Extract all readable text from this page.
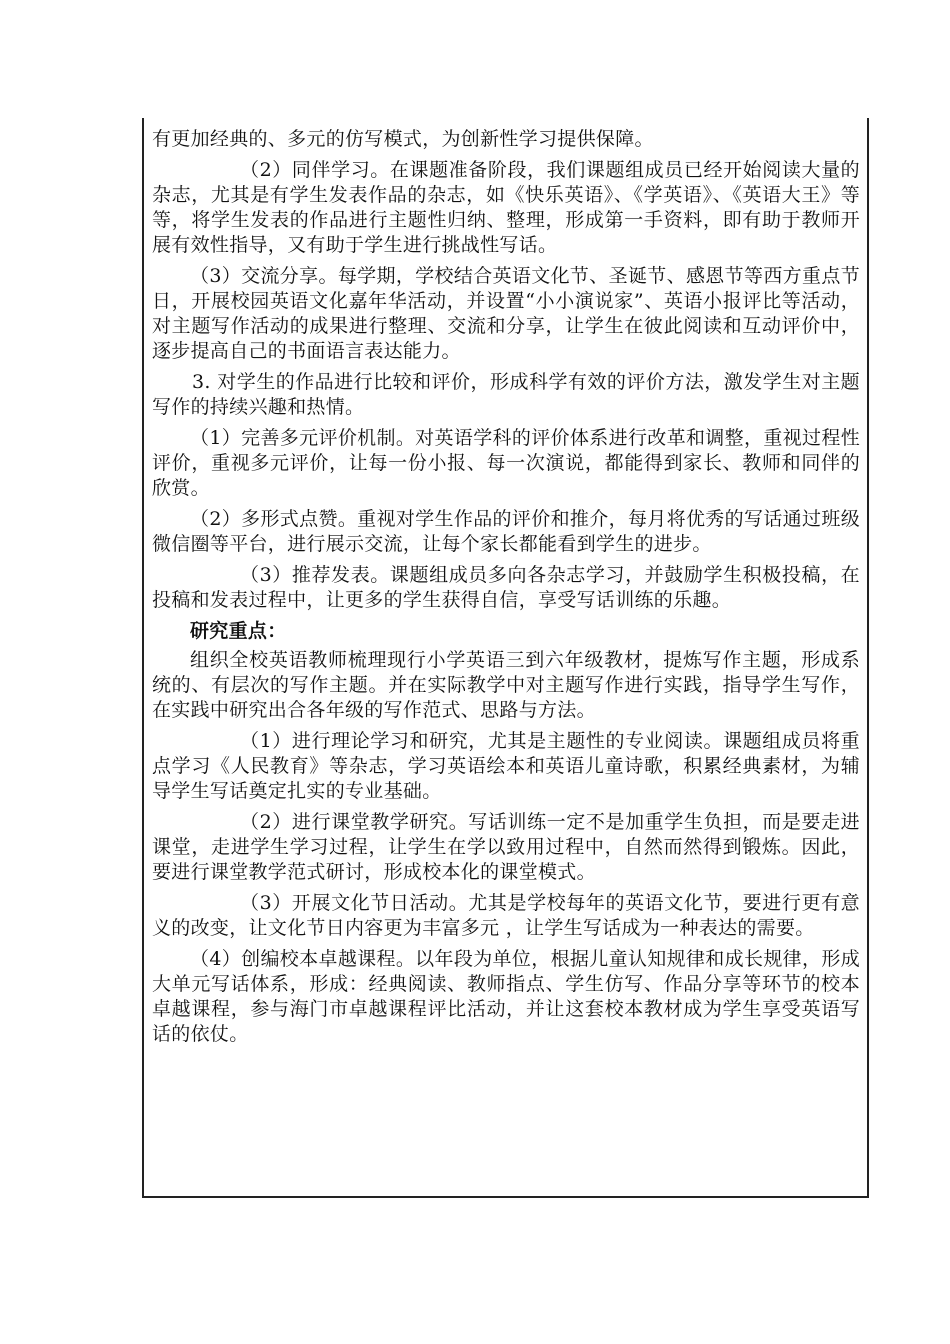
有更加经典的、多元的仿写模式，为创新性学习提供保障。

（2）同伴学习。在课题准备阶段，我们课题组成员已经开始阅读大量的杂志，尤其是有学生发表作品的杂志，如《快乐英语》、《学英语》、《英语大王》等等，将学生发表的作品进行主题性归纳、整理，形成第一手资料，即有助于教师开展有效性指导，又有助于学生进行挑战性写话。

（3）交流分享。每学期，学校结合英语文化节、圣诞节、感恩节等西方重点节日，开展校园英语文化嘉年华活动，并设置“小小演说家”、英语小报评比等活动，对主题写作活动的成果进行整理、交流和分享，让学生在彼此阅读和互动评价中，逐步提高自己的书面语言表达能力。

3. 对学生的作品进行比较和评价，形成科学有效的评价方法，激发学生对主题写作的持续兴趣和热情。

（1）完善多元评价机制。对英语学科的评价体系进行改革和调整，重视过程性评价，重视多元评价，让每一份小报、每一次演说，都能得到家长、教师和同伴的欣赏。

（2）多形式点赞。重视对学生作品的评价和推介，每月将优秀的写话通过班级微信圈等平台，进行展示交流，让每个家长都能看到学生的进步。

（3）推荐发表。课题组成员多向各杂志学习，并鼓励学生积极投稿，在投稿和发表过程中，让更多的学生获得自信，享受写话训练的乐趣。

研究重点：

组织全校英语教师梳理现行小学英语三到六年级教材，提炼写作主题，形成系统的、有层次的写作主题。并在实际教学中对主题写作进行实践，指导学生写作，在实践中研究出合各年级的写作范式、思路与方法。

（1）进行理论学习和研究，尤其是主题性的专业阅读。课题组成员将重点学习《人民教育》等杂志，学习英语绘本和英语儿童诗歌，积累经典素材，为辅导学生写话奠定扎实的专业基础。

（2）进行课堂教学研究。写话训练一定不是加重学生负担，而是要走进课堂，走进学生学习过程，让学生在学以致用过程中，自然而然得到锻炼。因此，要进行课堂教学范式研讨，形成校本化的课堂模式。

（3）开展文化节日活动。尤其是学校每年的英语文化节，要进行更有意义的改变，让文化节日内容更为丰富多元 ，让学生写话成为一种表达的需要。

（4）创编校本卓越课程。以年段为单位，根据儿童认知规律和成长规律，形成大单元写话体系，形成：经典阅读、教师指点、学生仿写、作品分享等环节的校本卓越课程，参与海门市卓越课程评比活动，并让这套校本教材成为学生享受英语写话的依仗。
